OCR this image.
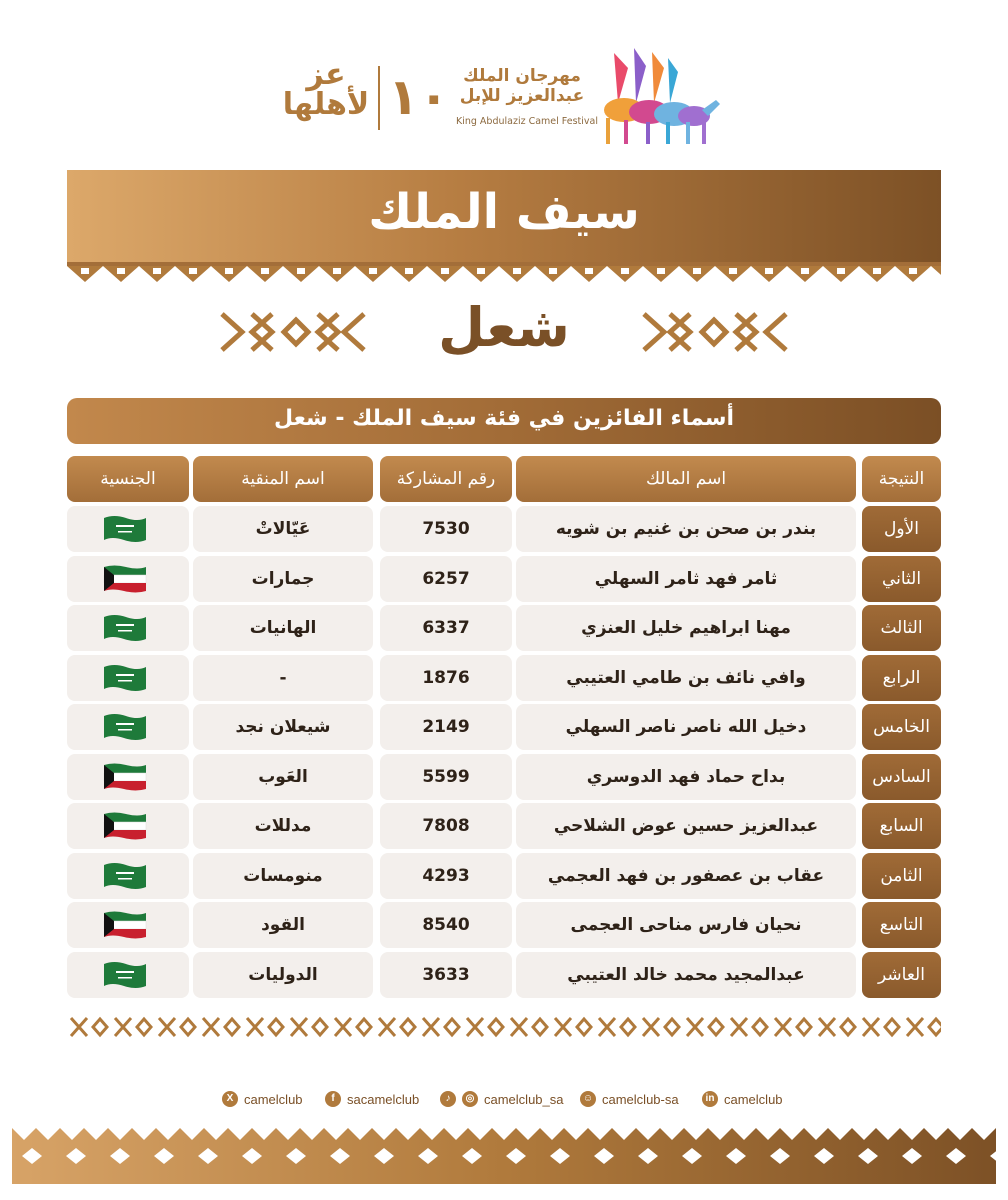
عز
لأهلها ١٠ مهرجان الملك
عبدالعزيز للإبل
King Abdulaziz Camel Festival
سيف الملك
شعل
أسماء الفائزين في فئة سيف الملك - شعل
الجنسية	اسم المنقية	رقم المشاركة	اسم المالك	النتيجة
عَيّالاتْ	7530	بندر بن صحن بن غنيم بن شويه	الأول
جمارات	6257	ثامر فهد ثامر السهلي	الثاني
الهانيات	6337	مهنا ابراهيم خليل العنزي	الثالث
-	1876	وافي نائف بن طامي العتيبي	الرابع
شيعلان نجد	2149	دخيل الله ناصر ناصر السهلي	الخامس
العَوب	5599	بداح حماد فهد الدوسري	السادس
مدللات	7808	عبدالعزيز حسين عوض الشلاحي	السابع
منومسات	4293	عقاب بن عصفور بن فهد العجمي	الثامن
القود	8540	نحيان فارس مناحى العجمى	التاسع
الدوليات	3633	عبدالمجيد محمد خالد العتيبي	العاشر
X camelclub	f sacamelclub	♪	◎ camelclub_sa ☺ camelclub-sa	in camelclub
